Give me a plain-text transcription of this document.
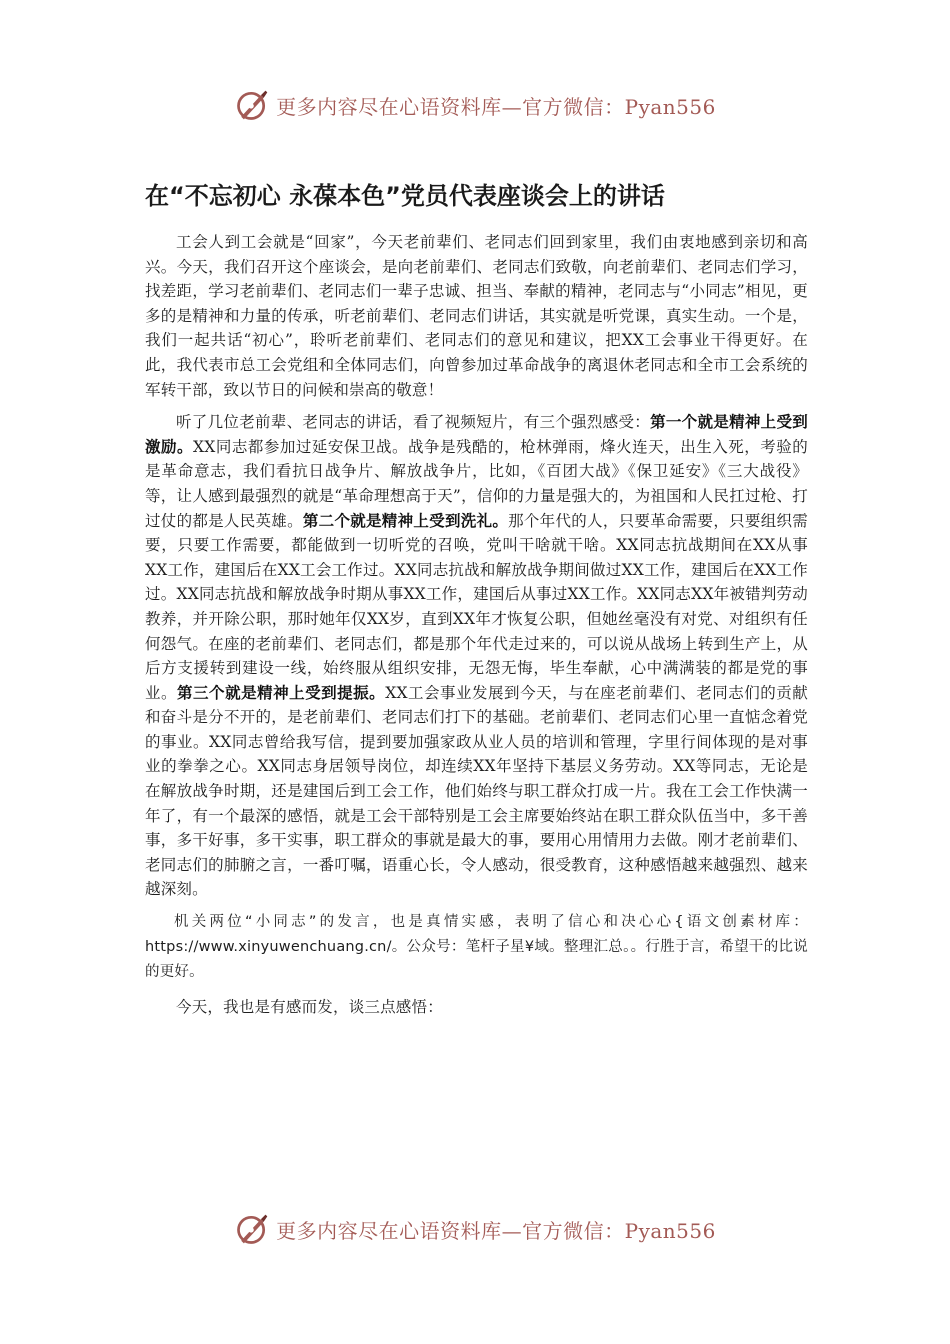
更多内容尽在心语资料库—官方微信：Pyan556
在“不忘初心 永葆本色”党员代表座谈会上的讲话

工会人到工会就是“回家”，今天老前辈们、老同志们回到家里，我们由衷地感到亲切和高兴。今天，我们召开这个座谈会，是向老前辈们、老同志们致敬，向老前辈们、老同志们学习，找差距，学习老前辈们、老同志们一辈子忠诚、担当、奉献的精神，老同志与“小同志”相见，更多的是精神和力量的传承，听老前辈们、老同志们讲话，其实就是听党课，真实生动。一个是，我们一起共话“初心”，聆听老前辈们、老同志们的意见和建议，把XX工会事业干得更好。在此，我代表市总工会党组和全体同志们，向曾参加过革命战争的离退休老同志和全市工会系统的军转干部，致以节日的问候和崇高的敬意！

听了几位老前辈、老同志的讲话，看了视频短片，有三个强烈感受：第一个就是精神上受到激励。XX同志都参加过延安保卫战。战争是残酷的，枪林弹雨，烽火连天，出生入死，考验的是革命意志，我们看抗日战争片、解放战争片，比如，《百团大战》《保卫延安》《三大战役》等，让人感到最强烈的就是“革命理想高于天”，信仰的力量是强大的，为祖国和人民扛过枪、打过仗的都是人民英雄。第二个就是精神上受到洗礼。那个年代的人，只要革命需要，只要组织需要，只要工作需要，都能做到一切听党的召唤，党叫干啥就干啥。XX同志抗战期间在XX从事XX工作，建国后在XX工会工作过。XX同志抗战和解放战争期间做过XX工作，建国后在XX工作过。XX同志抗战和解放战争时期从事XX工作，建国后从事过XX工作。XX同志XX年被错判劳动教养，并开除公职，那时她年仅XX岁，直到XX年才恢复公职，但她丝毫没有对党、对组织有任何怨气。在座的老前辈们、老同志们，都是那个年代走过来的，可以说从战场上转到生产上，从后方支援转到建设一线，始终服从组织安排，无怨无悔，毕生奉献，心中满满装的都是党的事业。第三个就是精神上受到提振。XX工会事业发展到今天，与在座老前辈们、老同志们的贡献和奋斗是分不开的，是老前辈们、老同志们打下的基础。老前辈们、老同志们心里一直惦念着党的事业。XX同志曾给我写信，提到要加强家政从业人员的培训和管理，字里行间体现的是对事业的拳拳之心。XX同志身居领导岗位，却连续XX年坚持下基层义务劳动。XX等同志，无论是在解放战争时期，还是建国后到工会工作，他们始终与职工群众打成一片。我在工会工作快满一年了，有一个最深的感悟，就是工会干部特别是工会主席要始终站在职工群众队伍当中，多干善事，多干好事，多干实事，职工群众的事就是最大的事，要用心用情用力去做。刚才老前辈们、老同志们的肺腑之言，一番叮嘱，语重心长，令人感动，很受教育，这种感悟越来越强烈、越来越深刻。

机关两位“小同志”的发言，也是真情实感，表明了信心和决心心{语文创素材库：https://www.xinyuwenchuang.cn/。公众号：笔杆子星¥域。整理汇总。。行胜于言，希望干的比说的更好。

今天，我也是有感而发，谈三点感悟：

更多内容尽在心语资料库—官方微信：Pyan556
